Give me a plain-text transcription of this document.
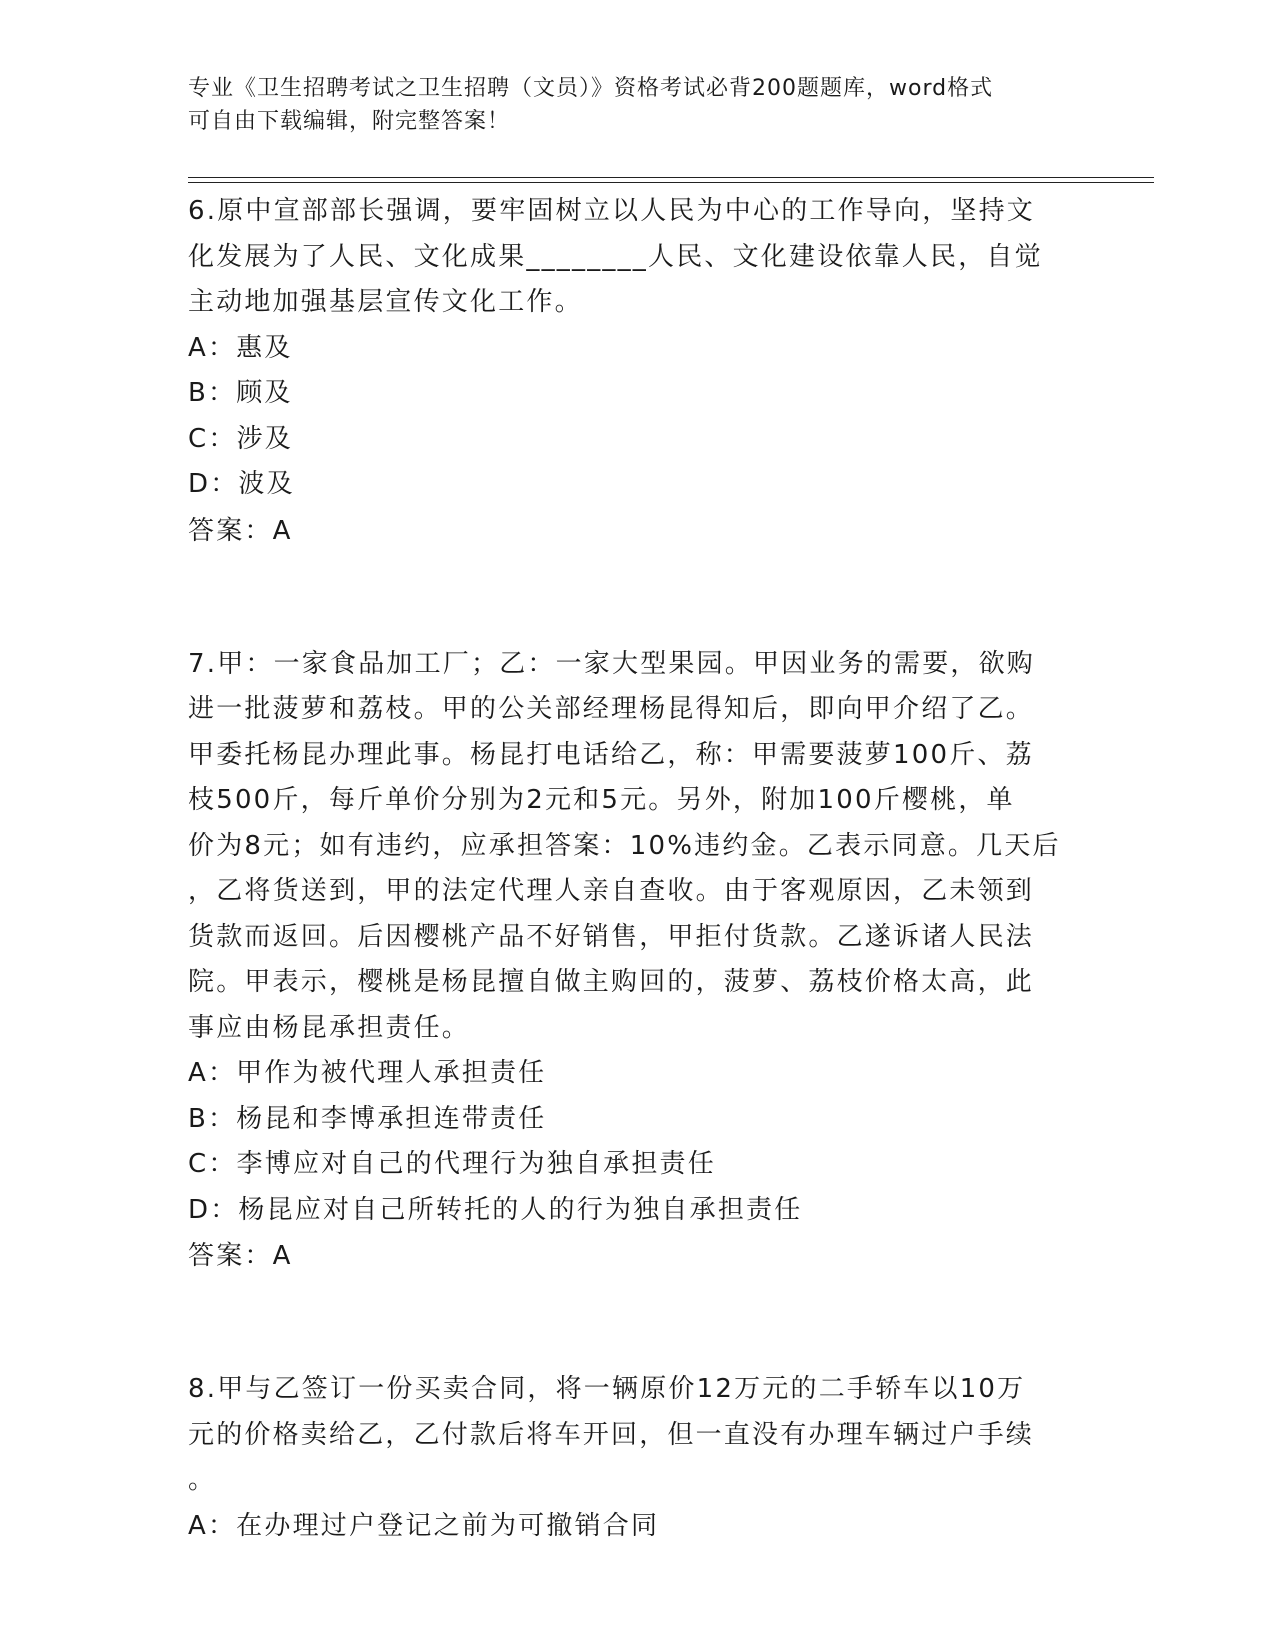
专业《卫生招聘考试之卫生招聘（文员）》资格考试必背200题题库，word格式
可自由下载编辑，附完整答案！
6.原中宣部部长强调，要牢固树立以人民为中心的工作导向，坚持文
化发展为了人民、文化成果________人民、文化建设依靠人民，自觉
主动地加强基层宣传文化工作。
A：惠及
B：顾及
C：涉及
D：波及
答案：A
7.甲：一家食品加工厂；乙：一家大型果园。甲因业务的需要，欲购
进一批菠萝和荔枝。甲的公关部经理杨昆得知后，即向甲介绍了乙。
甲委托杨昆办理此事。杨昆打电话给乙，称：甲需要菠萝100斤、荔
枝500斤，每斤单价分别为2元和5元。另外，附加100斤樱桃，单
价为8元；如有违约，应承担答案：10%违约金。乙表示同意。几天后
，乙将货送到，甲的法定代理人亲自查收。由于客观原因，乙未领到
货款而返回。后因樱桃产品不好销售，甲拒付货款。乙遂诉诸人民法
院。甲表示，樱桃是杨昆擅自做主购回的，菠萝、荔枝价格太高，此
事应由杨昆承担责任。
A：甲作为被代理人承担责任
B：杨昆和李博承担连带责任
C：李博应对自己的代理行为独自承担责任
D：杨昆应对自己所转托的人的行为独自承担责任
答案：A
8.甲与乙签订一份买卖合同，将一辆原价12万元的二手轿车以10万
元的价格卖给乙，乙付款后将车开回，但一直没有办理车辆过户手续
。
A：在办理过户登记之前为可撤销合同
